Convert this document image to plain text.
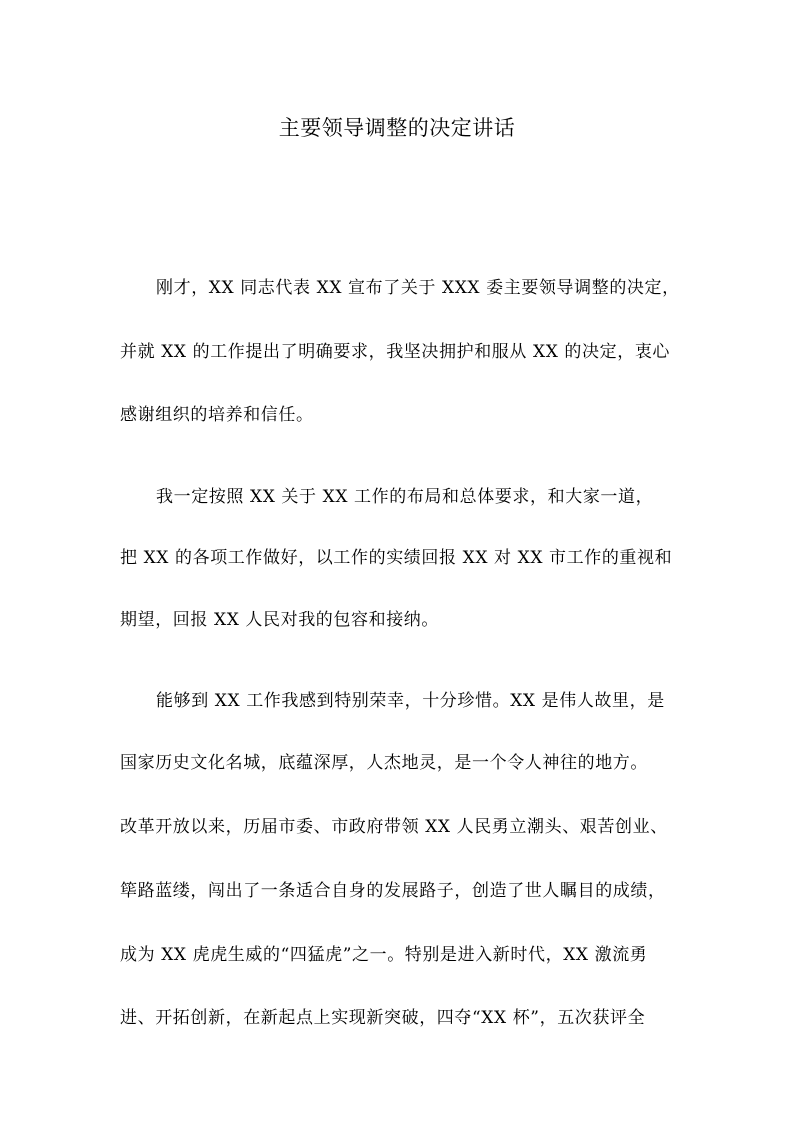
主要领导调整的决定讲话
刚才，XX 同志代表 XX 宣布了关于 XXX 委主要领导调整的决定，
并就 XX 的工作提出了明确要求，我坚决拥护和服从 XX 的决定，衷心
感谢组织的培养和信任。
我一定按照 XX 关于 XX 工作的布局和总体要求，和大家一道，
把 XX 的各项工作做好，以工作的实绩回报 XX 对 XX 市工作的重视和
期望，回报 XX 人民对我的包容和接纳。
能够到 XX 工作我感到特别荣幸，十分珍惜。XX 是伟人故里，是
国家历史文化名城，底蕴深厚，人杰地灵，是一个令人神往的地方。
改革开放以来，历届市委、市政府带领 XX 人民勇立潮头、艰苦创业、
筚路蓝缕，闯出了一条适合自身的发展路子，创造了世人瞩目的成绩，
成为 XX 虎虎生威的“四猛虎”之一。特别是进入新时代，XX 激流勇
进、开拓创新，在新起点上实现新突破，四夺“XX 杯”，五次获评全
